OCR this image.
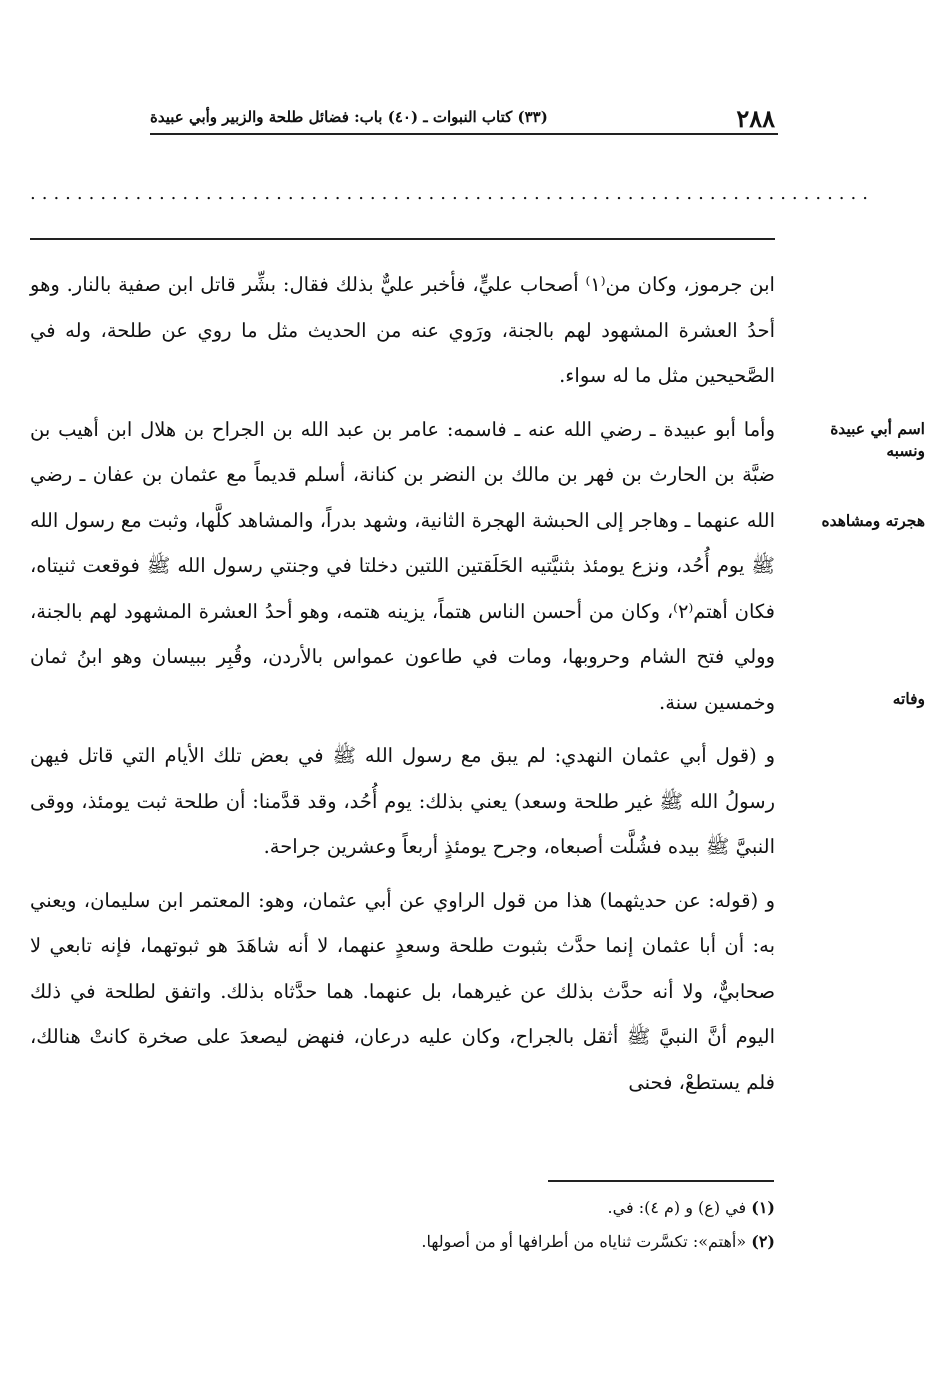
٢٨٨
(٣٣) كتاب النبوات ـ (٤٠) باب: فضائل طلحة والزبير وأبي عبيدة
........................................................................

ابن جرموز، وكان من⁽١⁾ أصحاب عليٍّ، فأخبر عليٌّ بذلك فقال: بشِّر قاتل ابن صفية بالنار. وهو أحدُ العشرة المشهود لهم بالجنة، ورَوي عنه من الحديث مثل ما روي عن طلحة، وله في الصَّحيحين مثل ما له سواء.

وأما أبو عبيدة ـ رضي الله عنه ـ فاسمه: عامر بن عبد الله بن الجراح بن هلال ابن أهيب بن ضبَّة بن الحارث بن فهر بن مالك بن النضر بن كنانة، أسلم قديماً مع عثمان بن عفان ـ رضي الله عنهما ـ وهاجر إلى الحبشة الهجرة الثانية، وشهد بدراً، والمشاهد كلَّها، وثبت مع رسول الله ﷺ يوم أُحُد، ونزع يومئذ بثنيَّتيه الحَلَقتين اللتين دخلتا في وجنتي رسول الله ﷺ فوقعت ثنيتاه، فكان أهتم⁽٢⁾، وكان من أحسن الناس هتماً، يزينه هتمه، وهو أحدُ العشرة المشهود لهم بالجنة، وولي فتح الشام وحروبها، ومات في طاعون عمواس بالأردن، وقُبِر ببيسان وهو ابنُ ثمان وخمسين سنة.

و (قول أبي عثمان النهدي: لم يبق مع رسول الله ﷺ في بعض تلك الأيام التي قاتل فيهن رسولُ الله ﷺ غير طلحة وسعد) يعني بذلك: يوم أُحُد، وقد قدَّمنا: أن طلحة ثبت يومئذ، ووقى النبيَّ ﷺ بيده فشُلَّت أصبعاه، وجرح يومئذٍ أربعاً وعشرين جراحة.

و (قوله: عن حديثهما) هذا من قول الراوي عن أبي عثمان، وهو: المعتمر ابن سليمان، ويعني به: أن أبا عثمان إنما حدَّث بثبوت طلحة وسعدٍ عنهما، لا أنه شاهَدَ هو ثبوتهما، فإنه تابعي لا صحابيٌّ، ولا أنه حدَّث بذلك عن غيرهما، بل عنهما. هما حدَّثاه بذلك. واتفق لطلحة في ذلك اليوم أنَّ النبيَّ ﷺ أثقل بالجراح، وكان عليه درعان، فنهض ليصعدَ على صخرة كانتْ هنالك، فلم يستطعْ، فحنى

اسم أبي عبيدة ونسبه
هجرته ومشاهده
وفاته
(١) في (ع) و (م ٤): في.
(٢) «أهتم»: تكسَّرت ثناياه من أطرافها أو من أصولها.
